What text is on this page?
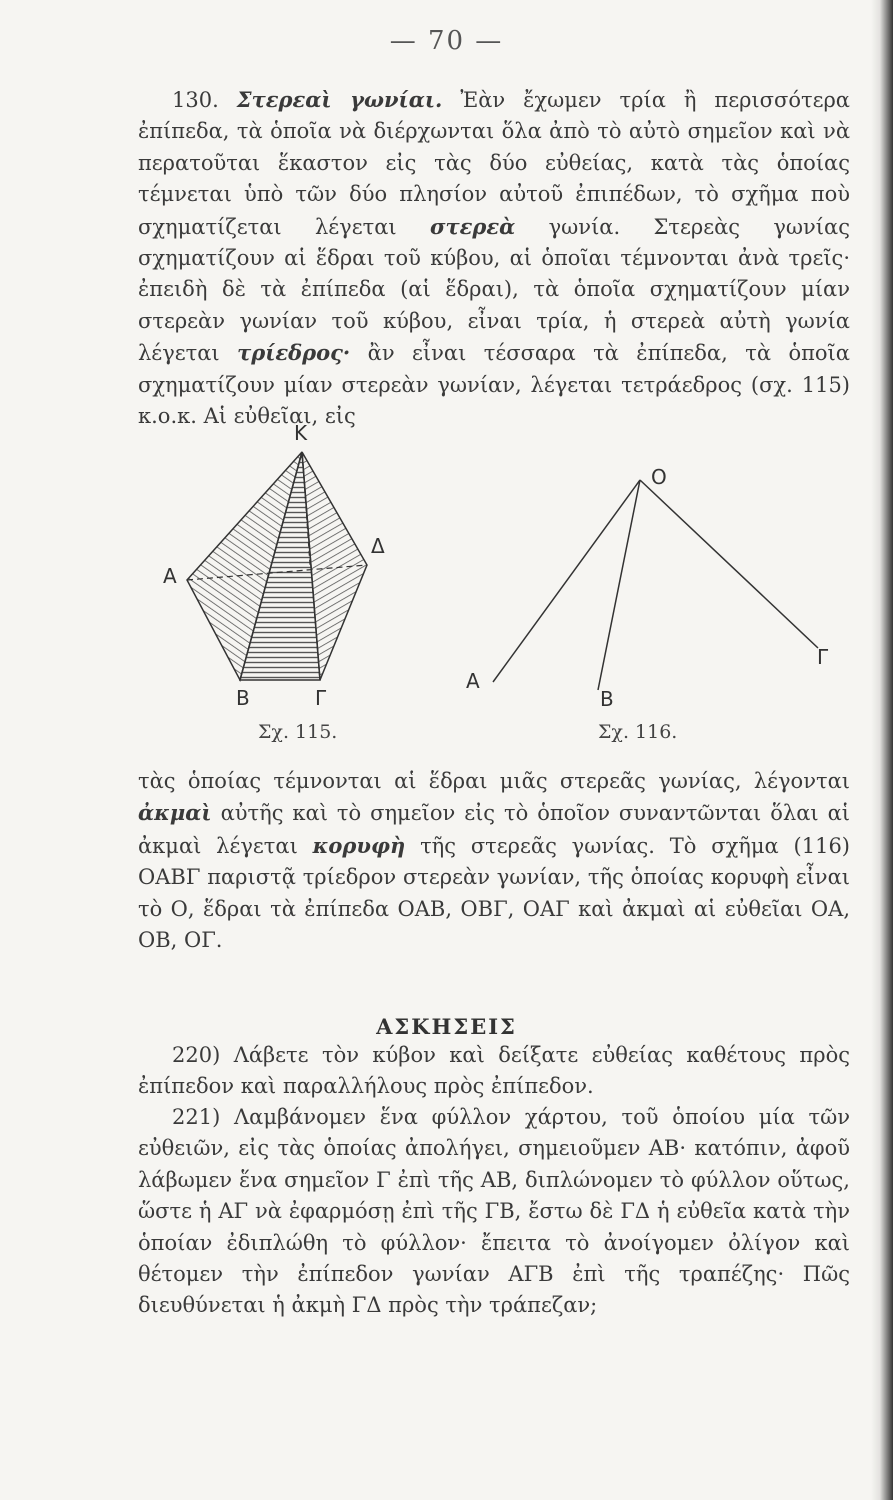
— 70 —

130. Στερεαὶ γωνίαι. Ἐὰν ἔχωμεν τρία ἢ περισσότερα ἐπίπεδα, τὰ ὁποῖα νὰ διέρχωνται ὅλα ἀπὸ τὸ αὐτὸ σημεῖον καὶ νὰ περατοῦται ἕκαστον εἰς τὰς δύο εὐθείας, κατὰ τὰς ὁποίας τέμνεται ὑπὸ τῶν δύο πλησίον αὐτοῦ ἐπιπέδων, τὸ σχῆμα ποὺ σχηματίζεται λέγεται στερεὰ γωνία. Στερεὰς γωνίας σχηματίζουν αἱ ἕδραι τοῦ κύβου, αἱ ὁποῖαι τέμνονται ἀνὰ τρεῖς· ἐπειδὴ δὲ τὰ ἐπίπεδα (αἱ ἕδραι), τὰ ὁποῖα σχηματίζουν μίαν στερεὰν γωνίαν τοῦ κύβου, εἶναι τρία, ἡ στερεὰ αὐτὴ γωνία λέγεται τρίεδρος· ἂν εἶναι τέσσαρα τὰ ἐπίπεδα, τὰ ὁποῖα σχηματίζουν μίαν στερεὰν γωνίαν, λέγεται τετράεδρος (σχ. 115) κ.ο.κ. Αἱ εὐθεῖαι, εἰς

K
A
Δ
B	Γ
Σχ. 115.
O
A
B
Γ
Σχ. 116.

τὰς ὁποίας τέμνονται αἱ ἕδραι μιᾶς στερεᾶς γωνίας, λέγονται ἀκμαὶ αὐτῆς καὶ τὸ σημεῖον εἰς τὸ ὁποῖον συναντῶνται ὅλαι αἱ ἀκμαὶ λέγεται κορυφὴ τῆς στερεᾶς γωνίας. Τὸ σχῆμα (116) ΟΑΒΓ παριστᾷ τρίεδρον στερεὰν γωνίαν, τῆς ὁποίας κορυφὴ εἶναι τὸ Ο, ἕδραι τὰ ἐπίπεδα ΟΑΒ, ΟΒΓ, ΟΑΓ καὶ ἀκμαὶ αἱ εὐθεῖαι ΟΑ, ΟΒ, ΟΓ.

ΑΣΚΗΣΕΙΣ

220) Λάβετε τὸν κύβον καὶ δείξατε εὐθείας καθέτους πρὸς ἐπίπεδον καὶ παραλλήλους πρὸς ἐπίπεδον.

221) Λαμβάνομεν ἕνα φύλλον χάρτου, τοῦ ὁποίου μία τῶν εὐθειῶν, εἰς τὰς ὁποίας ἀπολήγει, σημειοῦμεν ΑΒ· κατόπιν, ἀφοῦ λάβωμεν ἕνα σημεῖον Γ ἐπὶ τῆς ΑΒ, διπλώνομεν τὸ φύλλον οὕτως, ὥστε ἡ ΑΓ νὰ ἐφαρμόσῃ ἐπὶ τῆς ΓΒ, ἔστω δὲ ΓΔ ἡ εὐθεῖα κατὰ τὴν ὁποίαν ἐδιπλώθη τὸ φύλλον· ἔπειτα τὸ ἀνοίγομεν ὀλίγον καὶ θέτομεν τὴν ἐπίπεδον γωνίαν ΑΓΒ ἐπὶ τῆς τραπέζης· Πῶς διευθύνεται ἡ ἀκμὴ ΓΔ πρὸς τὴν τράπεζαν;
